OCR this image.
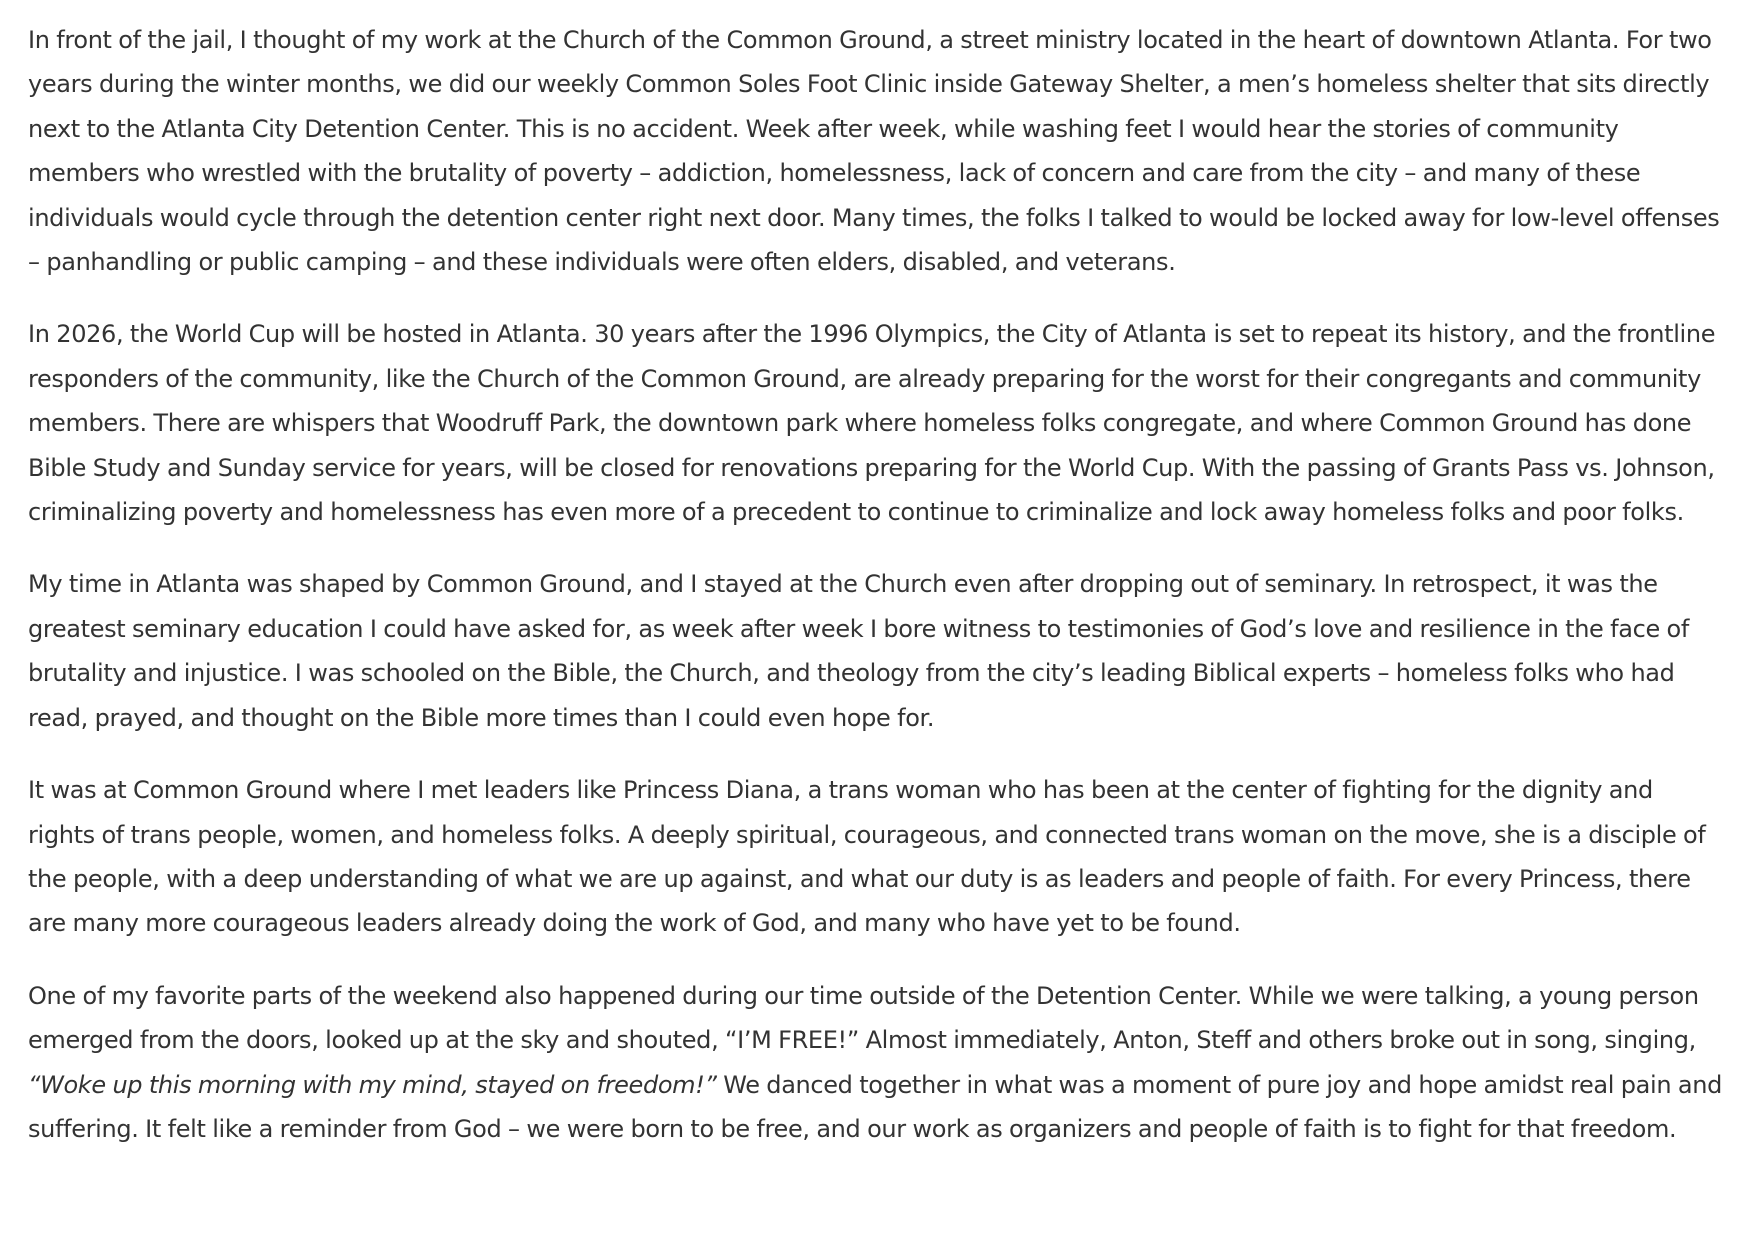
In front of the jail, I thought of my work at the Church of the Common Ground, a street ministry located in the heart of downtown Atlanta. For two years during the winter months, we did our weekly Common Soles Foot Clinic inside Gateway Shelter, a men’s homeless shelter that sits directly next to the Atlanta City Detention Center. This is no accident. Week after week, while washing feet I would hear the stories of community members who wrestled with the brutality of poverty – addiction, homelessness, lack of concern and care from the city – and many of these individuals would cycle through the detention center right next door. Many times, the folks I talked to would be locked away for low-level offenses – panhandling or public camping – and these individuals were often elders, disabled, and veterans.

In 2026, the World Cup will be hosted in Atlanta. 30 years after the 1996 Olympics, the City of Atlanta is set to repeat its history, and the frontline responders of the community, like the Church of the Common Ground, are already preparing for the worst for their congregants and community members. There are whispers that Woodruff Park, the downtown park where homeless folks congregate, and where Common Ground has done Bible Study and Sunday service for years, will be closed for renovations preparing for the World Cup. With the passing of Grants Pass vs. Johnson, criminalizing poverty and homelessness has even more of a precedent to continue to criminalize and lock away homeless folks and poor folks.

My time in Atlanta was shaped by Common Ground, and I stayed at the Church even after dropping out of seminary. In retrospect, it was the greatest seminary education I could have asked for, as week after week I bore witness to testimonies of God’s love and resilience in the face of brutality and injustice. I was schooled on the Bible, the Church, and theology from the city’s leading Biblical experts – homeless folks who had read, prayed, and thought on the Bible more times than I could even hope for.

It was at Common Ground where I met leaders like Princess Diana, a trans woman who has been at the center of fighting for the dignity and rights of trans people, women, and homeless folks. A deeply spiritual, courageous, and connected trans woman on the move, she is a disciple of the people, with a deep understanding of what we are up against, and what our duty is as leaders and people of faith. For every Princess, there are many more courageous leaders already doing the work of God, and many who have yet to be found.

One of my favorite parts of the weekend also happened during our time outside of the Detention Center. While we were talking, a young person emerged from the doors, looked up at the sky and shouted, “I’M FREE!” Almost immediately, Anton, Steff and others broke out in song, singing, “Woke up this morning with my mind, stayed on freedom!” We danced together in what was a moment of pure joy and hope amidst real pain and suffering. It felt like a reminder from God – we were born to be free, and our work as organizers and people of faith is to fight for that freedom.
